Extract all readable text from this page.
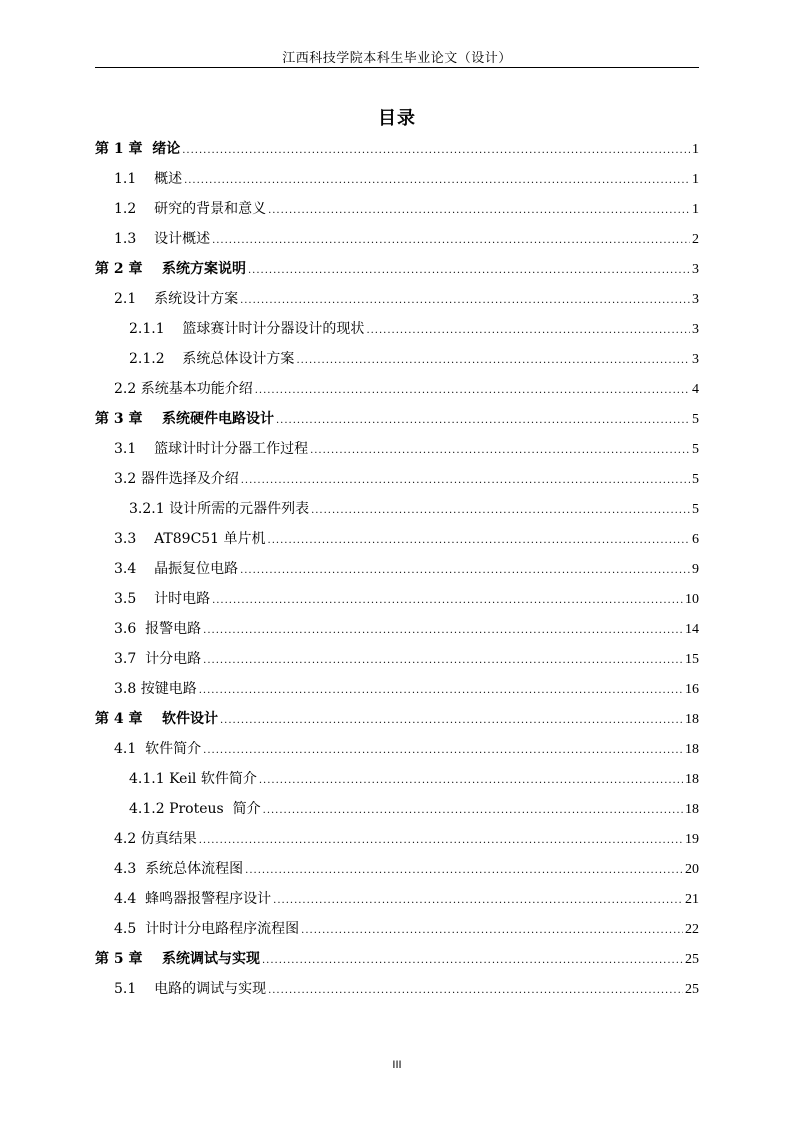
江西科技学院本科生毕业论文（设计）
目录
第 1 章  绪论 .....	1
1.1    概述 .....	1
1.2    研究的背景和意义 .....	1
1.3    设计概述 .....	2
第 2 章    系统方案说明 .....	3
2.1    系统设计方案 .....	3
2.1.1    篮球赛计时计分器设计的现状 .....	3
2.1.2    系统总体设计方案 .....	3
2.2 系统基本功能介绍 .....	4
第 3 章    系统硬件电路设计 .....	5
3.1    篮球计时计分器工作过程 .....	5
3.2 器件选择及介绍 .....	5
3.2.1 设计所需的元器件列表 .....	5
3.3    AT89C51 单片机 .....	6
3.4    晶振复位电路 .....	9
3.5    计时电路 .....	10
3.6  报警电路 .....	14
3.7  计分电路 .....	15
3.8 按键电路 .....	16
第 4 章    软件设计 .....	18
4.1  软件简介 .....	18
4.1.1 Keil 软件简介 .....	18
4.1.2 Proteus  简介 .....	18
4.2 仿真结果 .....	19
4.3  系统总体流程图 .....	20
4.4  蜂鸣器报警程序设计 .....	21
4.5  计时计分电路程序流程图 .....	22
第 5 章    系统调试与实现 .....	25
5.1    电路的调试与实现 .....	25
III
